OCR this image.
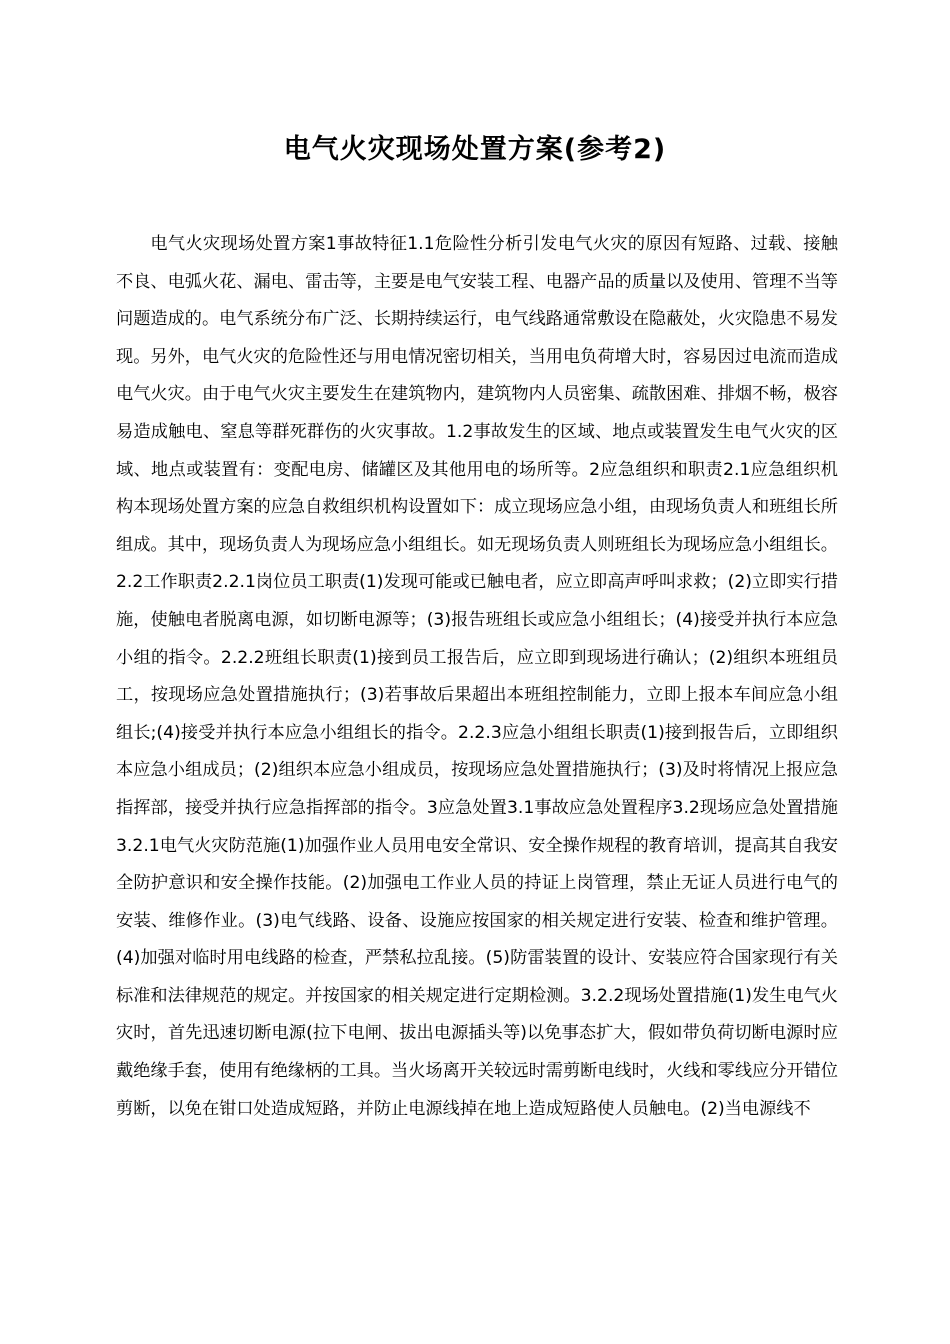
电气火灾现场处置方案(参考2)

电气火灾现场处置方案1事故特征1.1危险性分析引发电气火灾的原因有短路、过载、接触不良、电弧火花、漏电、雷击等，主要是电气安装工程、电器产品的质量以及使用、管理不当等问题造成的。电气系统分布广泛、长期持续运行，电气线路通常敷设在隐蔽处，火灾隐患不易发现。另外，电气火灾的危险性还与用电情况密切相关，当用电负荷增大时，容易因过电流而造成电气火灾。由于电气火灾主要发生在建筑物内，建筑物内人员密集、疏散困难、排烟不畅，极容易造成触电、窒息等群死群伤的火灾事故。1.2事故发生的区域、地点或装置发生电气火灾的区域、地点或装置有：变配电房、储罐区及其他用电的场所等。2应急组织和职责2.1应急组织机构本现场处置方案的应急自救组织机构设置如下：成立现场应急小组，由现场负责人和班组长所组成。其中，现场负责人为现场应急小组组长。如无现场负责人则班组长为现场应急小组组长。2.2工作职责2.2.1岗位员工职责(1)发现可能或已触电者，应立即高声呼叫求救；(2)立即实行措施，使触电者脱离电源，如切断电源等；(3)报告班组长或应急小组组长；(4)接受并执行本应急小组的指令。2.2.2班组长职责(1)接到员工报告后，应立即到现场进行确认；(2)组织本班组员工，按现场应急处置措施执行；(3)若事故后果超出本班组控制能力，立即上报本车间应急小组组长;(4)接受并执行本应急小组组长的指令。2.2.3应急小组组长职责(1)接到报告后，立即组织本应急小组成员；(2)组织本应急小组成员，按现场应急处置措施执行；(3)及时将情况上报应急指挥部，接受并执行应急指挥部的指令。3应急处置3.1事故应急处置程序3.2现场应急处置措施3.2.1电气火灾防范施(1)加强作业人员用电安全常识、安全操作规程的教育培训，提高其自我安全防护意识和安全操作技能。(2)加强电工作业人员的持证上岗管理，禁止无证人员进行电气的安装、维修作业。(3)电气线路、设备、设施应按国家的相关规定进行安装、检查和维护管理。(4)加强对临时用电线路的检查，严禁私拉乱接。(5)防雷装置的设计、安装应符合国家现行有关标准和法律规范的规定。并按国家的相关规定进行定期检测。3.2.2现场处置措施(1)发生电气火灾时，首先迅速切断电源(拉下电闸、拔出电源插头等)以免事态扩大，假如带负荷切断电源时应戴绝缘手套，使用有绝缘柄的工具。当火场离开关较远时需剪断电线时，火线和零线应分开错位剪断，以免在钳口处造成短路，并防止电源线掉在地上造成短路使人员触电。(2)当电源线不
